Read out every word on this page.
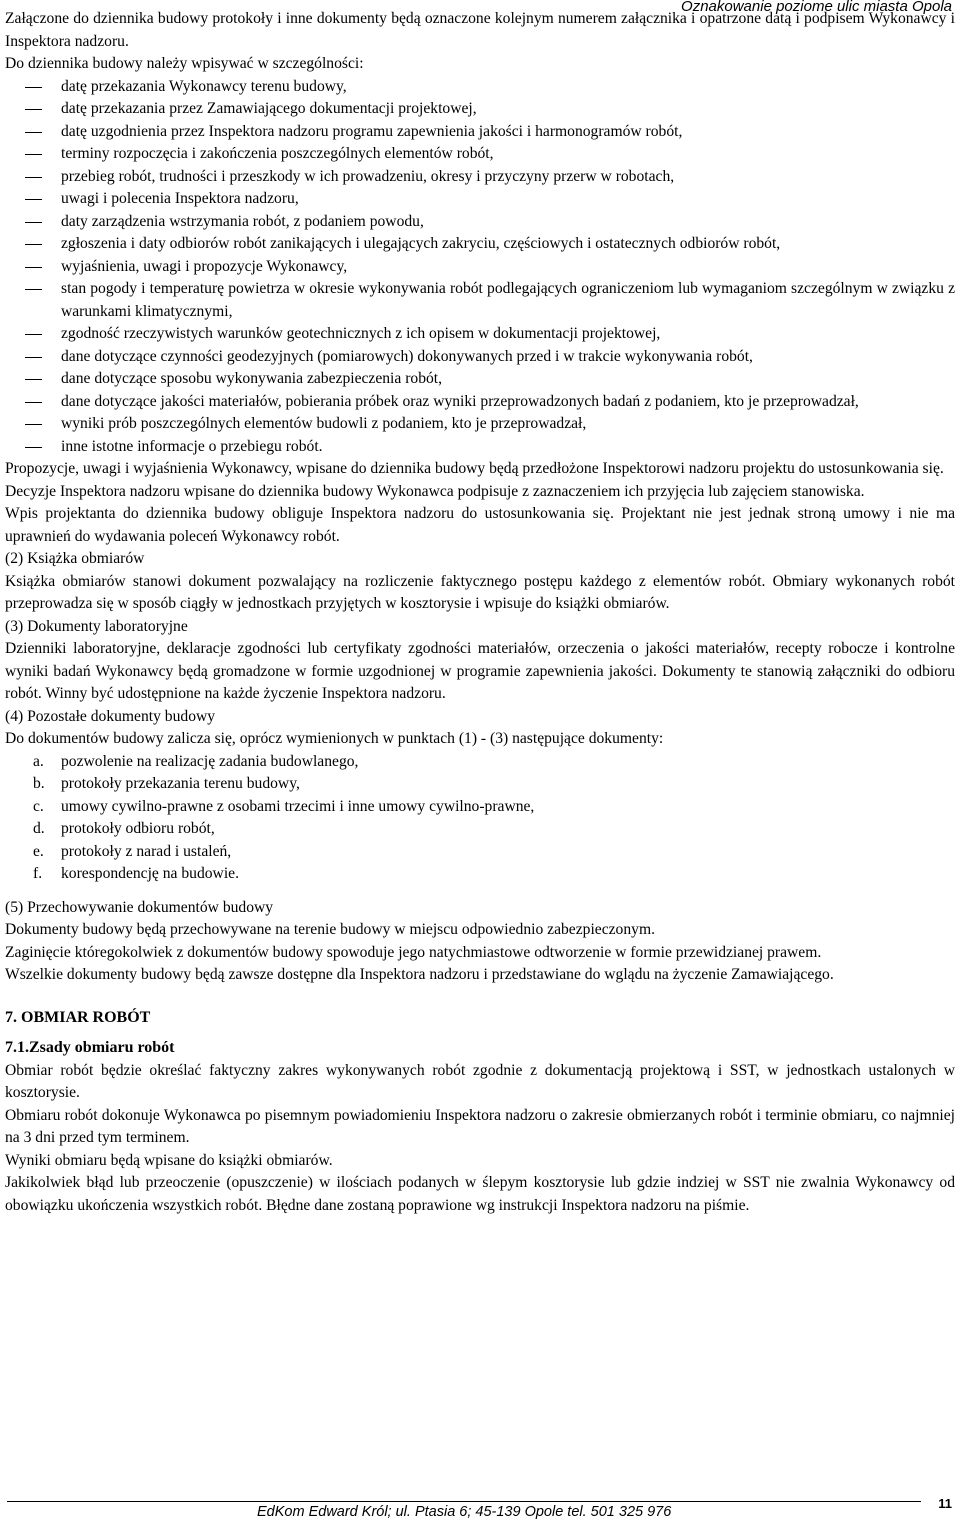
Oznakowanie poziome ulic miasta Opola

Załączone do dziennika budowy protokoły i inne dokumenty będą oznaczone kolejnym numerem załącznika i opatrzone datą i podpisem Wykonawcy i Inspektora nadzoru.

Do dziennika budowy należy wpisywać w szczególności:

datę przekazania Wykonawcy terenu budowy,
datę przekazania przez Zamawiającego dokumentacji projektowej,
datę uzgodnienia przez Inspektora nadzoru programu zapewnienia jakości i harmonogramów robót,
terminy rozpoczęcia i zakończenia poszczególnych elementów robót,
przebieg robót, trudności i przeszkody w ich prowadzeniu, okresy i przyczyny przerw w robotach,
uwagi i polecenia Inspektora nadzoru,
daty zarządzenia wstrzymania robót, z podaniem powodu,
zgłoszenia i daty odbiorów robót zanikających i ulegających zakryciu, częściowych i ostatecznych odbiorów robót,
wyjaśnienia, uwagi i propozycje Wykonawcy,
stan pogody i temperaturę powietrza w okresie wykonywania robót podlegających ograniczeniom lub wymaganiom szczególnym w związku z warunkami klimatycznymi,
zgodność rzeczywistych warunków geotechnicznych z ich opisem w dokumentacji projektowej,
dane dotyczące czynności geodezyjnych (pomiarowych) dokonywanych przed i w trakcie wykonywania robót,
dane dotyczące sposobu wykonywania zabezpieczenia robót,
dane dotyczące jakości materiałów, pobierania próbek oraz wyniki przeprowadzonych badań z podaniem, kto je przeprowadzał,
wyniki prób poszczególnych elementów budowli z podaniem, kto je przeprowadzał,
inne istotne informacje o przebiegu robót.

Propozycje, uwagi i wyjaśnienia Wykonawcy, wpisane do dziennika budowy będą przedłożone Inspektorowi nadzoru projektu do ustosunkowania się.

Decyzje Inspektora nadzoru wpisane do dziennika budowy Wykonawca podpisuje z zaznaczeniem ich przyjęcia lub zajęciem stanowiska.

Wpis projektanta do dziennika budowy obliguje Inspektora nadzoru do ustosunkowania się. Projektant nie jest jednak stroną umowy i nie ma uprawnień do wydawania poleceń Wykonawcy robót.

(2) Książka obmiarów

Książka obmiarów stanowi dokument pozwalający na rozliczenie faktycznego postępu każdego z elementów robót. Obmiary wykonanych robót przeprowadza się w sposób ciągły w jednostkach przyjętych w kosztorysie i wpisuje do książki obmiarów.

(3) Dokumenty laboratoryjne

Dzienniki laboratoryjne, deklaracje zgodności lub certyfikaty zgodności materiałów, orzeczenia o jakości materiałów, recepty robocze i kontrolne wyniki badań Wykonawcy będą gromadzone w formie uzgodnionej w programie zapewnienia jakości. Dokumenty te stanowią załączniki do odbioru robót. Winny być udostępnione na każde życzenie Inspektora nadzoru.

(4) Pozostałe dokumenty budowy

Do dokumentów budowy zalicza się, oprócz wymienionych w punktach (1) - (3) następujące dokumenty:

a. pozwolenie na realizację zadania budowlanego,
b. protokoły przekazania terenu budowy,
c. umowy cywilno-prawne z osobami trzecimi i inne umowy cywilno-prawne,
d. protokoły odbioru robót,
e. protokoły z narad i ustaleń,
f. korespondencję na budowie.

(5) Przechowywanie dokumentów budowy

Dokumenty budowy będą przechowywane na terenie budowy w miejscu odpowiednio zabezpieczonym.

Zaginięcie któregokolwiek z dokumentów budowy spowoduje jego natychmiastowe odtworzenie w formie przewidzianej prawem.

Wszelkie dokumenty budowy będą zawsze dostępne dla Inspektora nadzoru i przedstawiane do wglądu na życzenie Zamawiającego.

7. OBMIAR ROBÓT
7.1.Zsady obmiaru robót

Obmiar robót będzie określać faktyczny zakres wykonywanych robót zgodnie z dokumentacją projektową i SST, w jednostkach ustalonych w kosztorysie.

Obmiaru robót dokonuje Wykonawca po pisemnym powiadomieniu Inspektora nadzoru o zakresie obmierzanych robót i terminie obmiaru, co najmniej na 3 dni przed tym terminem.

Wyniki obmiaru będą wpisane do książki obmiarów.

Jakikolwiek błąd lub przeoczenie (opuszczenie) w ilościach podanych w ślepym kosztorysie lub gdzie indziej w SST nie zwalnia Wykonawcy od obowiązku ukończenia wszystkich robót. Błędne dane zostaną poprawione wg instrukcji Inspektora nadzoru na piśmie.

EdKom Edward Król; ul. Ptasia 6; 45-139 Opole tel. 501 325 976
11
